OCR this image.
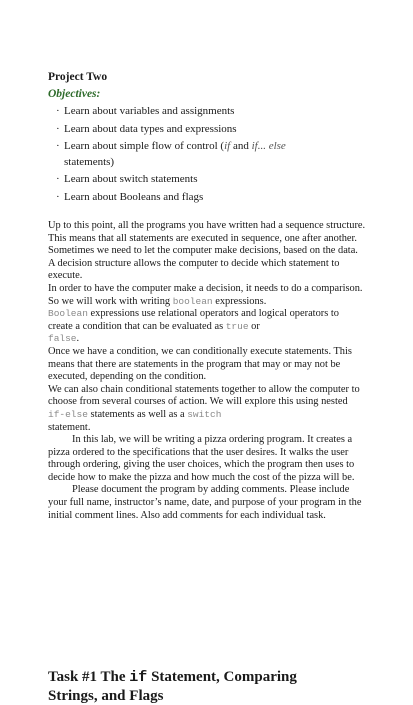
Project Two
Objectives:
· Learn about variables and assignments
· Learn about data types and expressions
· Learn about simple flow of control (if and if... else
statements)
· Learn about switch statements
· Learn about Booleans and flags

Up to this point, all the programs you have written had a sequence structure. This means that all statements are executed in sequence, one after another. Sometimes we need to let the computer make decisions, based on the data. A decision structure allows the computer to decide which statement to execute.

In order to have the computer make a decision, it needs to do a comparison. So we will work with writing boolean expressions.
Boolean expressions use relational operators and logical operators to create a condition that can be evaluated as true or
false.

Once we have a condition, we can conditionally execute statements. This means that there are statements in the program that may or may not be executed, depending on the condition.

We can also chain conditional statements together to allow the computer to choose from several courses of action. We will explore this using nested if-else statements as well as a switch
statement.

In this lab, we will be writing a pizza ordering program. It creates a pizza ordered to the specifications that the user desires. It walks the user through ordering, giving the user choices, which the program then uses to decide how to make the pizza and how much the cost of the pizza will be.

Please document the program by adding comments. Please include your full name, instructor’s name, date, and purpose of your program in the initial comment lines. Also add comments for each individual task.

Task #1 The if Statement, Comparing
Strings, and Flags
